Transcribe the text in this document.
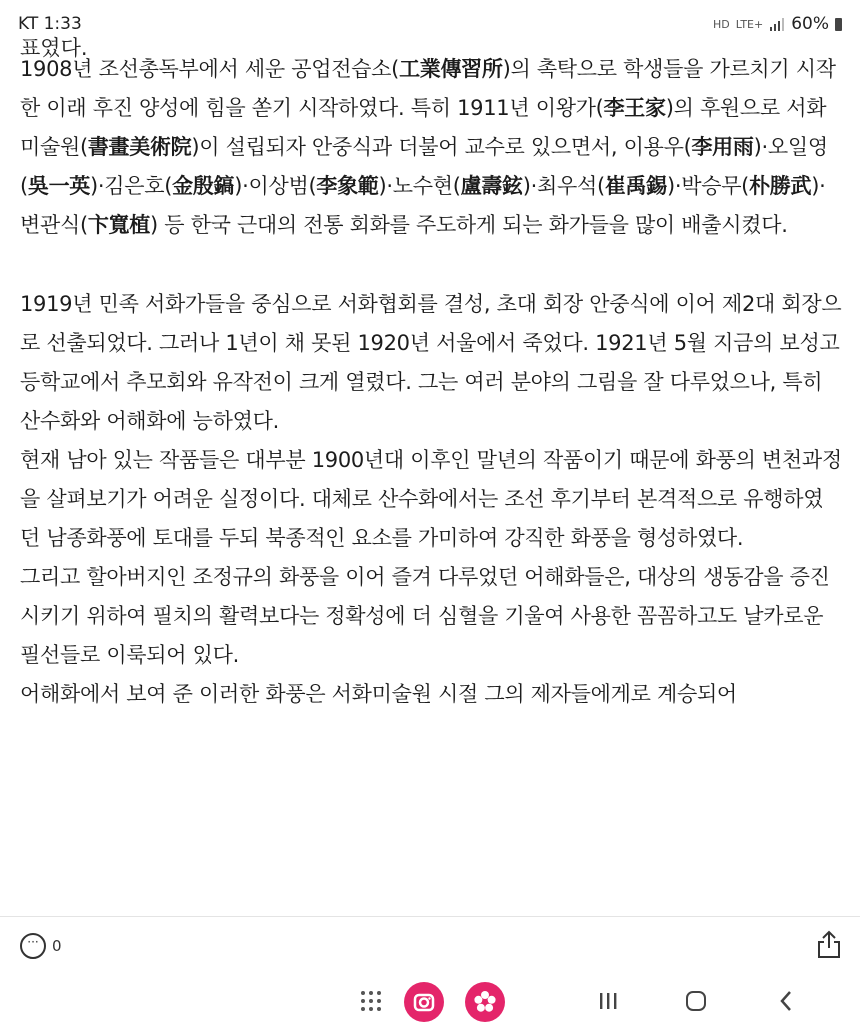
KT 1:33	HD LTE+ 60%
표였다.

1908년 조선총독부에서 세운 공업전습소(工業傳習所)의 촉탁으로 학생들을 가르치기 시작한 이래 후진 양성에 힘을 쏟기 시작하였다. 특히 1911년 이왕가(李王家)의 후원으로 서화미술원(書畫美術院)이 설립되자 안중식과 더불어 교수로 있으면서, 이용우(李用雨)·오일영(吳一英)·김은호(金殷鎬)·이상범(李象範)·노수현(盧壽鉉)·최우석(崔禹錫)·박승무(朴勝武)·변관식(卞寬植) 등 한국 근대의 전통 회화를 주도하게 되는 화가들을 많이 배출시켰다.

1919년 민족 서화가들을 중심으로 서화협회를 결성, 초대 회장 안중식에 이어 제2대 회장으로 선출되었다. 그러나 1년이 채 못된 1920년 서울에서 죽었다. 1921년 5월 지금의 보성고등학교에서 추모회와 유작전이 크게 열렸다. 그는 여러 분야의 그림을 잘 다루었으나, 특히 산수화와 어해화에 능하였다.

현재 남아 있는 작품들은 대부분 1900년대 이후인 말년의 작품이기 때문에 화풍의 변천과정을 살펴보기가 어려운 실정이다. 대체로 산수화에서는 조선 후기부터 본격적으로 유행하였던 남종화풍에 토대를 두되 북종적인 요소를 가미하여 강직한 화풍을 형성하였다.

그리고 할아버지인 조정규의 화풍을 이어 즐겨 다루었던 어해화들은, 대상의 생동감을 증진시키기 위하여 필치의 활력보다는 정확성에 더 심혈을 기울여 사용한 꼼꼼하고도 날카로운 필선들로 이룩되어 있다.

어해화에서 보여 준 이러한 화풍은 서화미술원 시절 그의 제자들에게로 계승되어

··· 0
